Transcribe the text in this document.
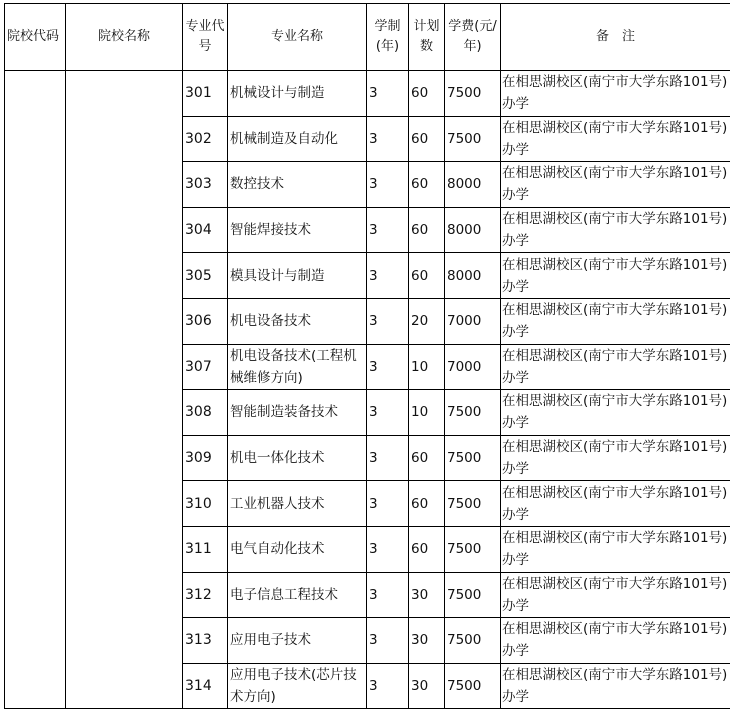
院校代码	院校名称	专业代号	专业名称	学制(年)	计划数	学费(元/年)	备　注
		301	机械设计与制造	3	60	7500	在相思湖校区(南宁市大学东路101号)办学
		302	机械制造及自动化	3	60	7500	在相思湖校区(南宁市大学东路101号)办学
		303	数控技术	3	60	8000	在相思湖校区(南宁市大学东路101号)办学
		304	智能焊接技术	3	60	8000	在相思湖校区(南宁市大学东路101号)办学
		305	模具设计与制造	3	60	8000	在相思湖校区(南宁市大学东路101号)办学
		306	机电设备技术	3	20	7000	在相思湖校区(南宁市大学东路101号)办学
		307	机电设备技术(工程机械维修方向)	3	10	7000	在相思湖校区(南宁市大学东路101号)办学
		308	智能制造装备技术	3	10	7500	在相思湖校区(南宁市大学东路101号)办学
		309	机电一体化技术	3	60	7500	在相思湖校区(南宁市大学东路101号)办学
		310	工业机器人技术	3	60	7500	在相思湖校区(南宁市大学东路101号)办学
		311	电气自动化技术	3	60	7500	在相思湖校区(南宁市大学东路101号)办学
		312	电子信息工程技术	3	30	7500	在相思湖校区(南宁市大学东路101号)办学
		313	应用电子技术	3	30	7500	在相思湖校区(南宁市大学东路101号)办学
		314	应用电子技术(芯片技术方向)	3	30	7500	在相思湖校区(南宁市大学东路101号)办学
